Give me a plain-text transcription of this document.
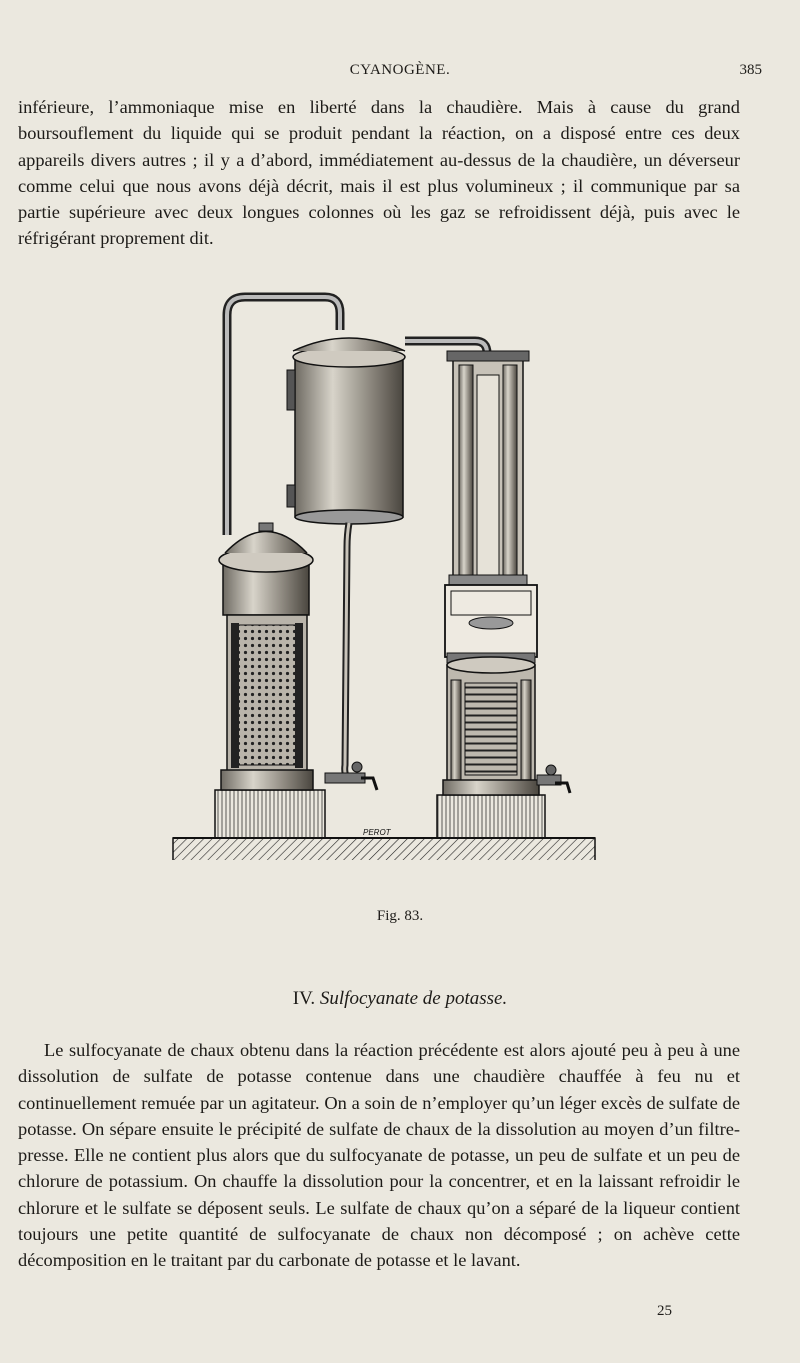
CYANOGÈNE.	385

inférieure, l’ammoniaque mise en liberté dans la chaudière. Mais à cause du grand boursouflement du liquide qui se produit pendant la réaction, on a disposé entre ces deux appareils divers autres ; il y a d’abord, immédiatement au-dessus de la chaudière, un déverseur comme celui que nous avons déjà décrit, mais il est plus volumineux ; il communique par sa partie supérieure avec deux longues colonnes où les gaz se refroidissent déjà, puis avec le réfrigérant proprement dit.

PEROT
Fig. 83.
IV. Sulfocyanate de potasse.

Le sulfocyanate de chaux obtenu dans la réaction précédente est alors ajouté peu à peu à une dissolution de sulfate de potasse contenue dans une chaudière chauffée à feu nu et continuellement remuée par un agitateur. On a soin de n’employer qu’un léger excès de sulfate de potasse. On sépare ensuite le précipité de sulfate de chaux de la dissolution au moyen d’un filtre-presse. Elle ne contient plus alors que du sulfocyanate de potasse, un peu de sulfate et un peu de chlorure de potassium. On chauffe la dissolution pour la concentrer, et en la laissant refroidir le chlorure et le sulfate se déposent seuls. Le sulfate de chaux qu’on a séparé de la liqueur contient toujours une petite quantité de sulfocyanate de chaux non décomposé ; on achève cette décomposition en le traitant par du carbonate de potasse et le lavant.

25
